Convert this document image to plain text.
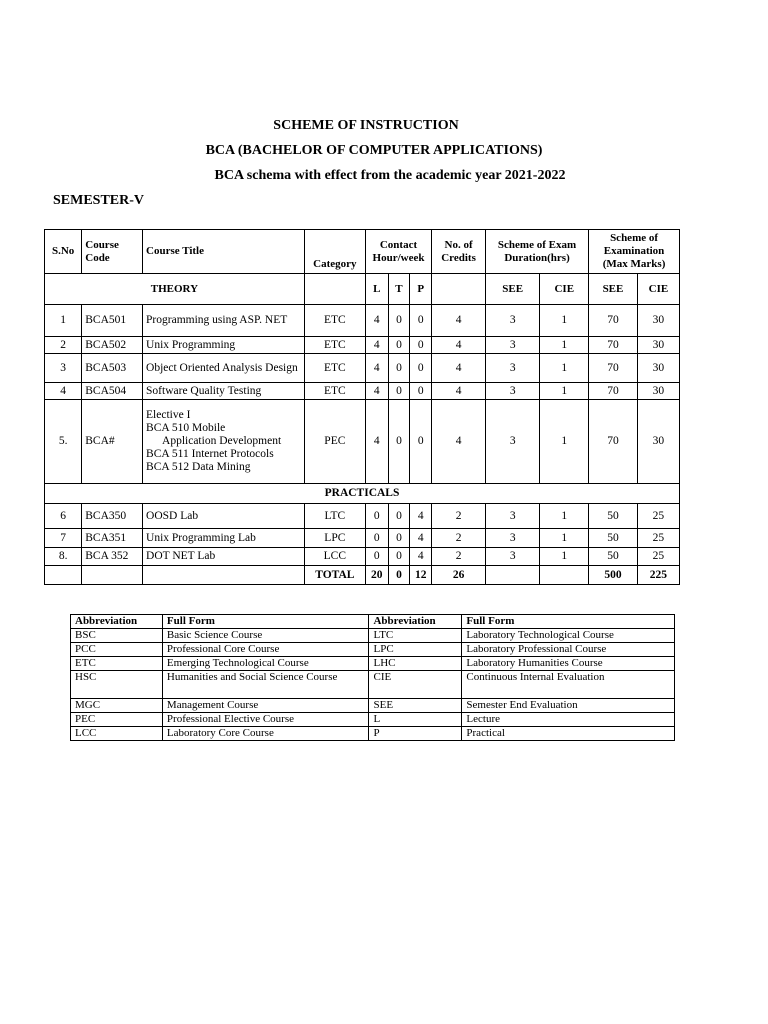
SCHEME OF INSTRUCTION
BCA (BACHELOR OF COMPUTER APPLICATIONS)
BCA schema with effect from the academic year 2021-2022
SEMESTER-V
S.No	Course Code	Course Title	Category	Contact Hour/week			No. of Credits	Scheme of Exam Duration(hrs)		Scheme of Examination (Max Marks)	
THEORY				L	T	P		SEE	CIE	SEE	CIE
1	BCA501	Programming using ASP. NET	ETC	4	0	0	4	3	1	70	30
2	BCA502	Unix Programming	ETC	4	0	0	4	3	1	70	30
3	BCA503	Object Oriented Analysis Design	ETC	4	0	0	4	3	1	70	30
4	BCA504	Software Quality Testing	ETC	4	0	0	4	3	1	70	30
5.	BCA#	Elective I
BCA 510 Mobile
Application Development
BCA 511 Internet Protocols
BCA 512 Data Mining	PEC	4	0	0	4	3	1	70	30
PRACTICALS											
6	BCA350	OOSD Lab	LTC	0	0	4	2	3	1	50	25
7	BCA351	Unix Programming Lab	LPC	0	0	4	2	3	1	50	25
8.	BCA 352	DOT NET Lab	LCC	0	0	4	2	3	1	50	25
			TOTAL	20	0	12	26			500	225
Abbreviation	Full Form	Abbreviation	Full Form
BSC	Basic Science Course	LTC	Laboratory Technological Course
PCC	Professional Core Course	LPC	Laboratory Professional Course
ETC	Emerging Technological Course	LHC	Laboratory Humanities Course
HSC	Humanities and Social Science Course	CIE	Continuous Internal Evaluation
MGC	Management Course	SEE	Semester End Evaluation
PEC	Professional Elective Course	L	Lecture
LCC	Laboratory Core Course	P	Practical
